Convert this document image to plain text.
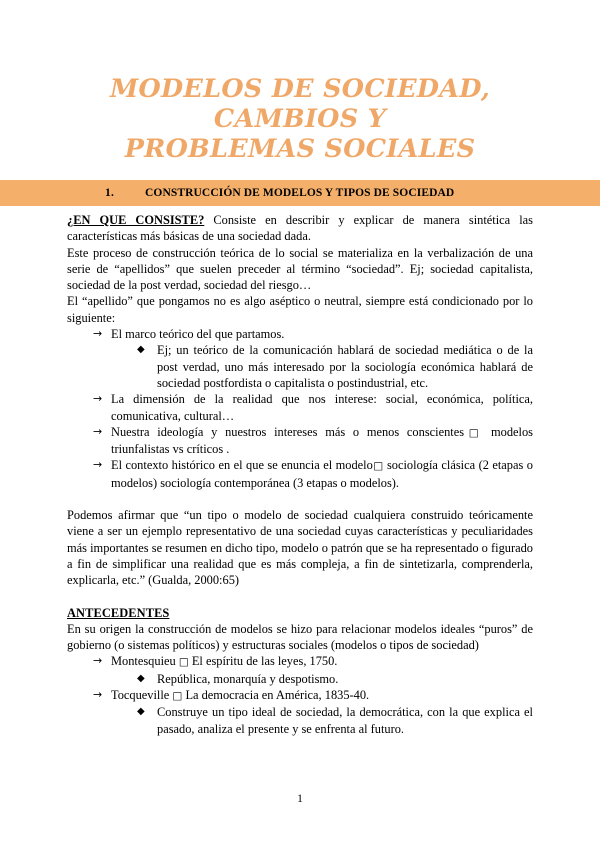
MODELOS DE SOCIEDAD,
CAMBIOS Y
PROBLEMAS SOCIALES
1.	CONSTRUCCIÓN DE MODELOS Y TIPOS DE SOCIEDAD

¿EN QUE CONSISTE? Consiste en describir y explicar de manera sintética las características más básicas de una sociedad dada.

Este proceso de construcción teórica de lo social se materializa en la verbalización de una serie de “apellidos” que suelen preceder al término “sociedad”. Ej; sociedad capitalista, sociedad de la post verdad, sociedad del riesgo…

El “apellido” que pongamos no es algo aséptico o neutral, siempre está condicionado por lo siguiente:

→ El marco teórico del que partamos.
◆ Ej; un teórico de la comunicación hablará de sociedad mediática o de la post verdad, uno más interesado por la sociología económica hablará de sociedad postfordista o capitalista o postindustrial, etc.
→ La dimensión de la realidad que nos interese: social, económica, política, comunicativa, cultural…
→ Nuestra ideología y nuestros intereses más o menos conscientes□ modelos triunfalistas vs críticos .
→ El contexto histórico en el que se enuncia el modelo□ sociología clásica (2 etapas o modelos) sociología contemporánea (3 etapas o modelos).

Podemos afirmar que “un tipo o modelo de sociedad cualquiera construido teóricamente viene a ser un ejemplo representativo de una sociedad cuyas características y peculiaridades más importantes se resumen en dicho tipo, modelo o patrón que se ha representado o figurado a fin de simplificar una realidad que es más compleja, a fin de sintetizarla, comprenderla, explicarla, etc.” (Gualda, 2000:65)

ANTECEDENTES

En su origen la construcción de modelos se hizo para relacionar modelos ideales “puros” de gobierno (o sistemas políticos) y estructuras sociales (modelos o tipos de sociedad)

→ Montesquieu □ El espíritu de las leyes, 1750.
◆ República, monarquía y despotismo.
→ Tocqueville □ La democracia en América, 1835-40.
◆ Construye un tipo ideal de sociedad, la democrática, con la que explica el pasado, analiza el presente y se enfrenta al futuro.
1
